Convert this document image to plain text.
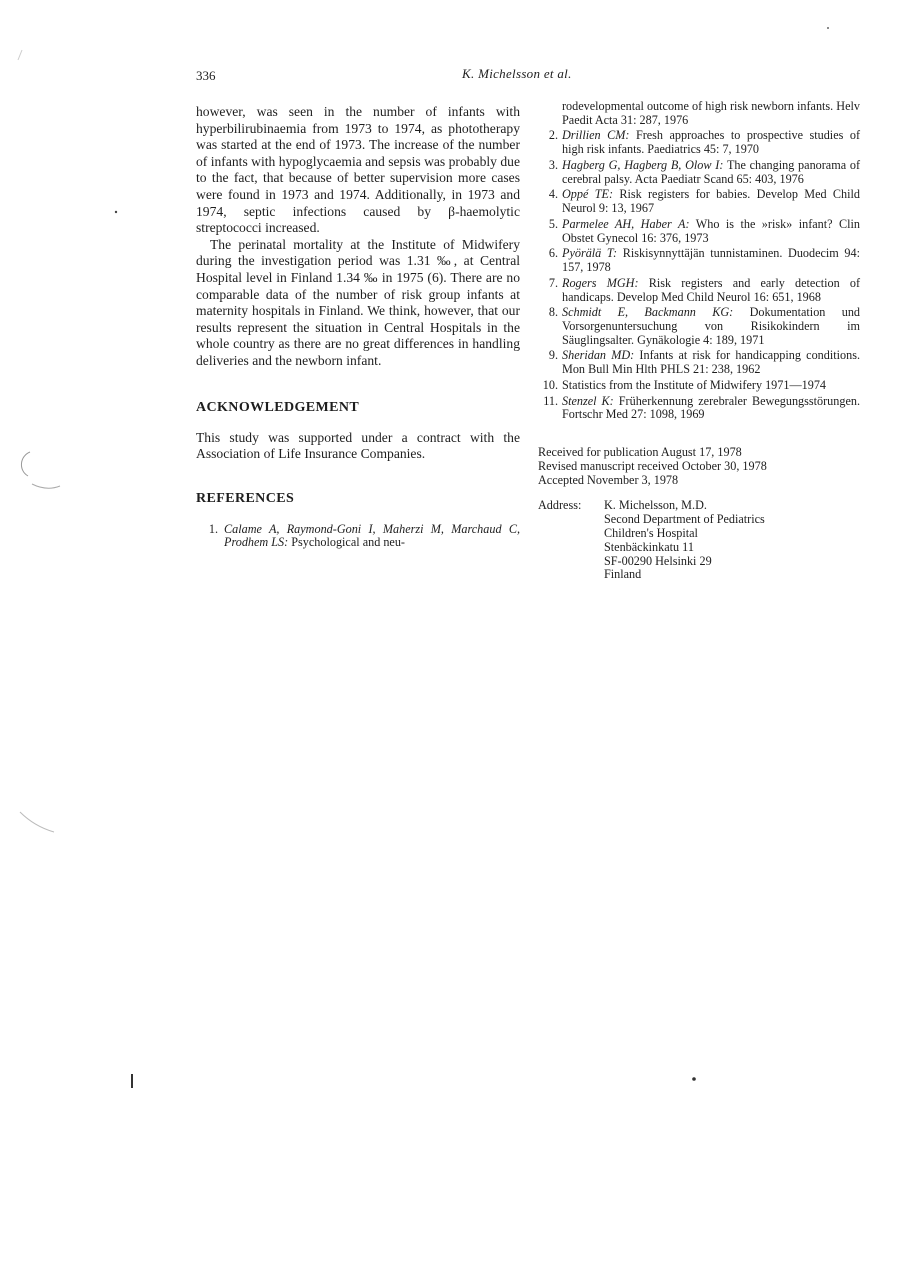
336	K. Michelsson et al.

however, was seen in the number of infants with hyperbilirubinaemia from 1973 to 1974, as phototherapy was started at the end of 1973. The increase of the number of infants with hypoglycaemia and sepsis was probably due to the fact, that because of better supervision more cases were found in 1973 and 1974. Additionally, in 1973 and 1974, septic infections caused by β-haemolytic streptococci increased.

The perinatal mortality at the Institute of Midwifery during the investigation period was 1.31 ‰, at Central Hospital level in Finland 1.34 ‰ in 1975 (6). There are no comparable data of the number of risk group infants at maternity hospitals in Finland. We think, however, that our results represent the situation in Central Hospitals in the whole country as there are no great differences in handling deliveries and the newborn infant.

ACKNOWLEDGEMENT

This study was supported under a contract with the Association of Life Insurance Companies.

REFERENCES
1. Calame A, Raymond-Goni I, Maherzi M, Marchaud C, Prodhem LS: Psychological and neu-
rodevelopmental outcome of high risk newborn infants. Helv Paedit Acta 31: 287, 1976
2. Drillien CM: Fresh approaches to prospective studies of high risk infants. Paediatrics 45: 7, 1970
3. Hagberg G, Hagberg B, Olow I: The changing panorama of cerebral palsy. Acta Paediatr Scand 65: 403, 1976
4. Oppé TE: Risk registers for babies. Develop Med Child Neurol 9: 13, 1967
5. Parmelee AH, Haber A: Who is the »risk» infant? Clin Obstet Gynecol 16: 376, 1973
6. Pyörälä T: Riskisynnyttäjän tunnistaminen. Duodecim 94: 157, 1978
7. Rogers MGH: Risk registers and early detection of handicaps. Develop Med Child Neurol 16: 651, 1968
8. Schmidt E, Backmann KG: Dokumentation und Vorsorgenuntersuchung von Risikokindern im Säuglingsalter. Gynäkologie 4: 189, 1971
9. Sheridan MD: Infants at risk for handicapping conditions. Mon Bull Min Hlth PHLS 21: 238, 1962
10. Statistics from the Institute of Midwifery 1971—1974
11. Stenzel K: Früherkennung zerebraler Bewegungsstörungen. Fortschr Med 27: 1098, 1969
Received for publication August 17, 1978
Revised manuscript received October 30, 1978
Accepted November 3, 1978
Address:	K. Michelsson, M.D.
Second Department of Pediatrics
Children's Hospital
Stenbäckinkatu 11
SF-00290 Helsinki 29
Finland
